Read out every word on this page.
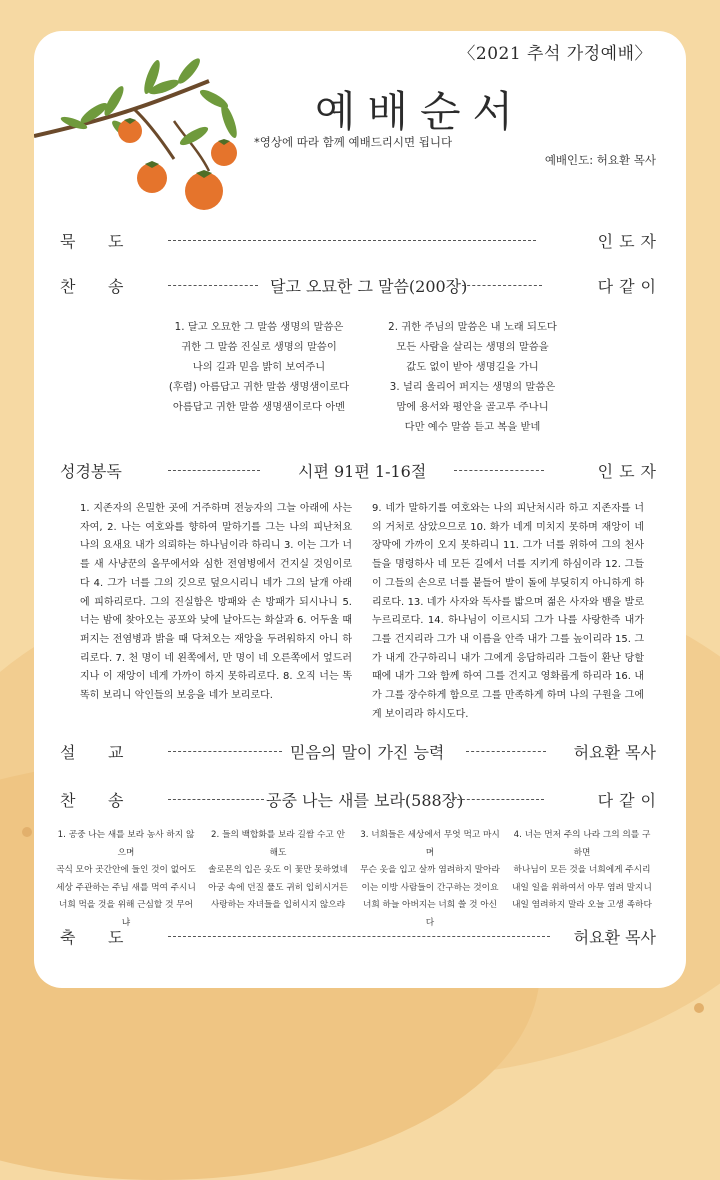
〈2021 추석 가정예배〉
예배순서
*영상에 따라 함께 예배드리시면 됩니다
예배인도: 허요환 목사
묵 도	인도자
찬 송	달고 오묘한 그 말씀(200장)	다같이
1. 달고 오묘한 그 말씀 생명의 말씀은
귀한 그 말씀 진실로 생명의 말씀이
나의 길과 믿음 밝히 보여주니
(후렴) 아름답고 귀한 말씀 생명샘이로다
아름답고 귀한 말씀 생명샘이로다 아멘
2. 귀한 주님의 말씀은 내 노래 되도다
모든 사람을 살리는 생명의 말씀을
값도 없이 받아 생명길을 가니
3. 널리 울리어 퍼지는 생명의 말씀은
맘에 용서와 평안을 골고루 주나니
다만 예수 말씀 듣고 복을 받네
성경봉독	시편 91편 1-16절	인도자
1. 지존자의 은밀한 곳에 거주하며 전능자의 그늘 아래에 사는 자여, 2. 나는 여호와를 향하여 말하기를 그는 나의 피난처요 나의 요새요 내가 의뢰하는 하나님이라 하리니 3. 이는 그가 너를 새 사냥꾼의 올무에서와 심한 전염병에서 건지실 것임이로다 4. 그가 너를 그의 깃으로 덮으시리니 네가 그의 날개 아래에 피하리로다. 그의 진실함은 방패와 손 방패가 되시나니 5. 너는 밤에 찾아오는 공포와 낮에 날아드는 화살과 6. 어두울 때 퍼지는 전염병과 밝을 때 닥쳐오는 재앙을 두려워하지 아니 하리로다. 7. 천 명이 네 왼쪽에서, 만 명이 네 오른쪽에서 엎드러지나 이 재앙이 네게 가까이 하지 못하리로다. 8. 오직 너는 똑똑히 보리니 악인들의 보응을 네가 보리로다.
9. 네가 말하기를 여호와는 나의 피난처시라 하고 지존자를 너의 거처로 삼았으므로 10. 화가 네게 미치지 못하며 재앙이 네 장막에 가까이 오지 못하리니 11. 그가 너를 위하여 그의 천사들을 명령하사 네 모든 길에서 너를 지키게 하심이라 12. 그들이 그들의 손으로 너를 붙들어 발이 돌에 부딪히지 아니하게 하리로다. 13. 네가 사자와 독사를 밟으며 젊은 사자와 뱀을 발로 누르리로다. 14. 하나님이 이르시되 그가 나를 사랑한즉 내가 그를 건지리라 그가 내 이름을 안즉 내가 그를 높이리라 15. 그가 내게 간구하리니 내가 그에게 응답하리라 그들이 환난 당할 때에 내가 그와 함께 하여 그를 건지고 영화롭게 하리라 16. 내가 그를 장수하게 함으로 그를 만족하게 하며 나의 구원을 그에게 보이리라 하시도다.
설 교	믿음의 말이 가진 능력	허요환 목사
찬 송	공중 나는 새를 보라(588장)	다같이
1. 공중 나는 새를 보라 농사 하지 않으며
곡식 모아 곳간안에 들인 것이 없어도
세상 주관하는 주님 새를 먹여 주시니
너희 먹을 것을 위해 근심할 것 무어냐
2. 들의 백합화를 보라 길쌈 수고 안해도
솔로몬의 입은 옷도 이 꽃만 못하였네
아궁 속에 던질 풀도 귀히 입히시거든
사랑하는 자녀들을 입히시지 않으랴
3. 너희들은 세상에서 무엇 먹고 마시며
무슨 옷을 입고 살까 염려하지 말아라
이는 이방 사람들이 간구하는 것이요
너희 하늘 아버지는 너희 쓸 것 아신다
4. 너는 먼저 주의 나라 그의 의를 구하면
하나님이 모든 것을 너희에게 주시리
내일 일을 위하여서 아무 염려 말지니
내일 염려하지 말라 오늘 고생 족하다
축 도	허요환 목사
